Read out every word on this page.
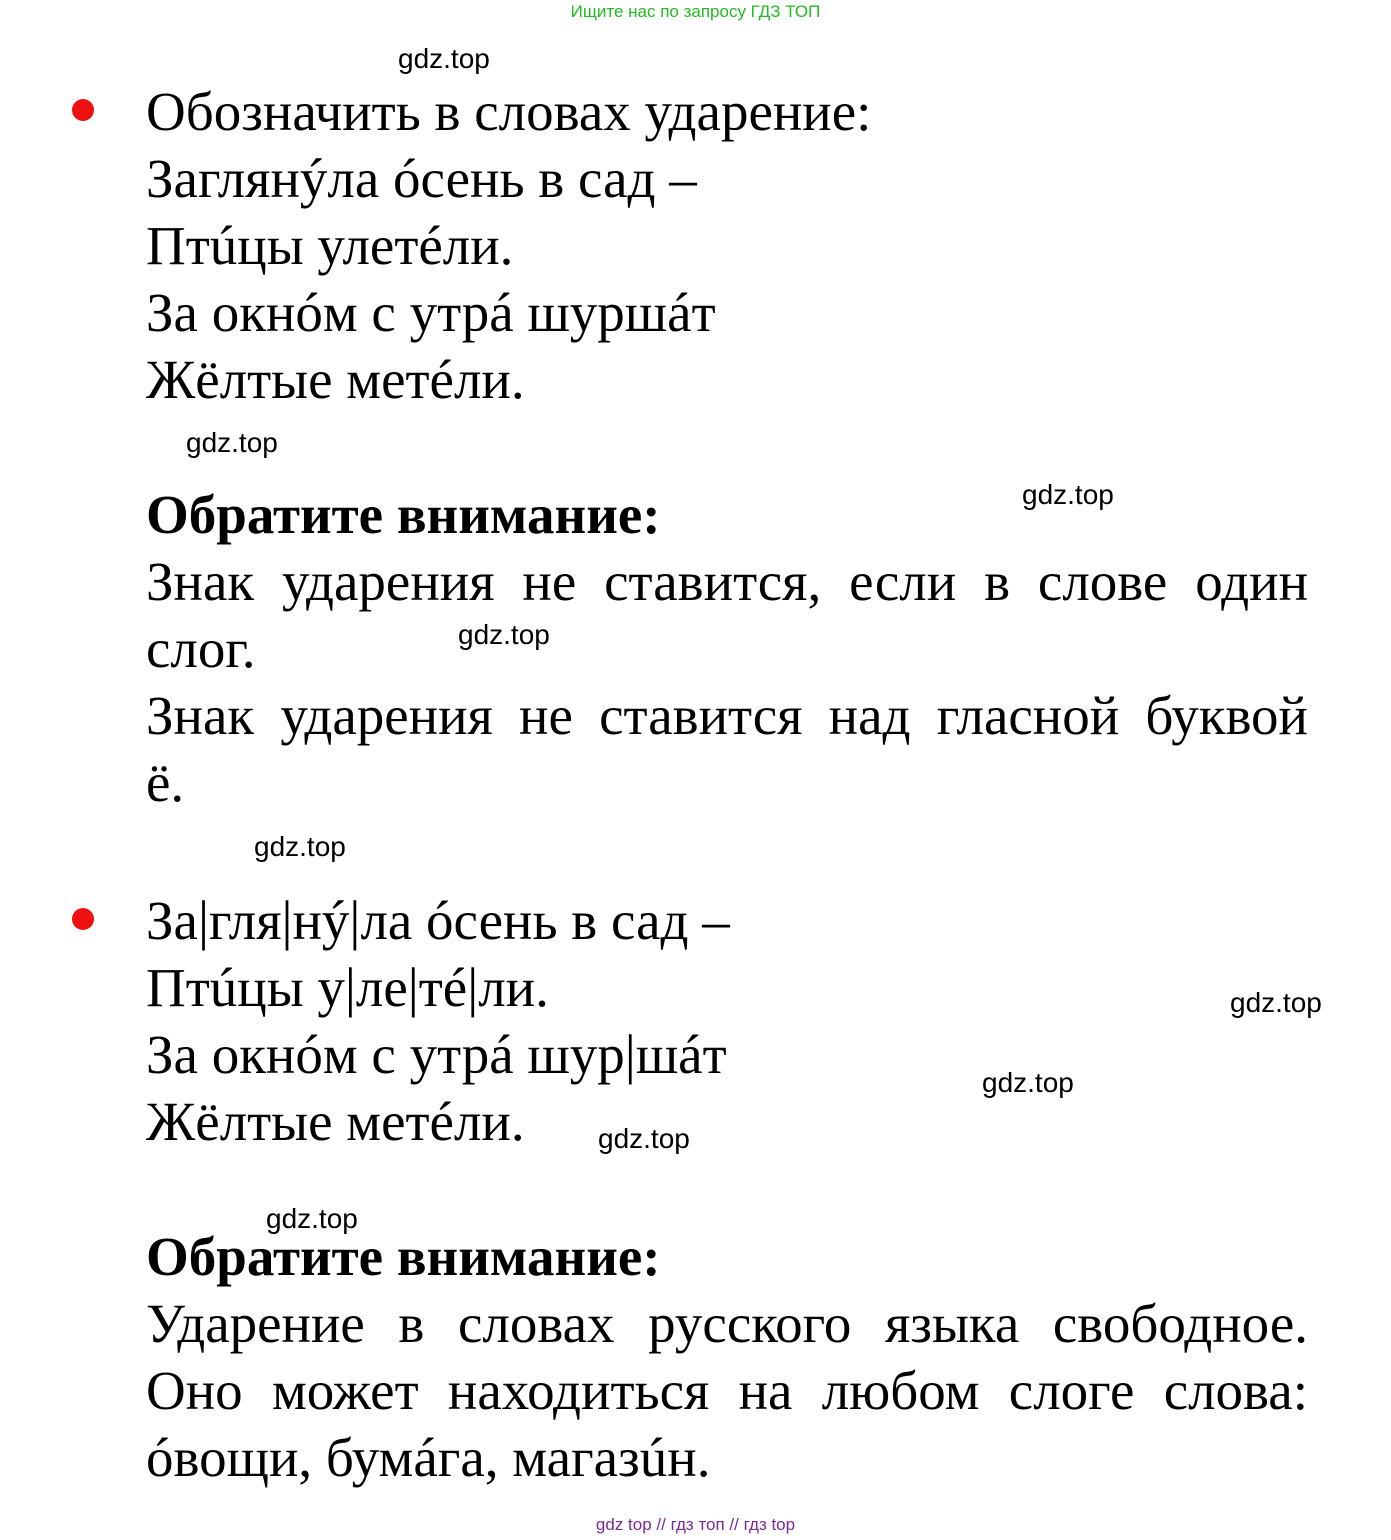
Ищите нас по запросу ГДЗ ТОП
gdz.top
gdz.top
gdz.top
gdz.top
gdz.top
gdz.top
gdz.top
gdz.top
gdz.top
Обозначить в словах ударение:
Заглянýла óсень в сад –
Птúцы улетéли.
За окнóм с утрá шуршáт
Жёлтые метéли.
Обратите внимание:
Знак ударения не ставится, если в слове один
слог.
Знак ударения не ставится над гласной буквой
ё.
За|гля|нý|ла óсень в сад –
Птúцы у|ле|тé|ли.
За окнóм с утрá шур|шáт
Жёлтые метéли.
Обратите внимание:
Ударение в словах русского языка свободное.
Оно может находиться на любом слоге слова:
óвощи, бумáга, магазúн.
gdz top // гдз топ // гдз top
